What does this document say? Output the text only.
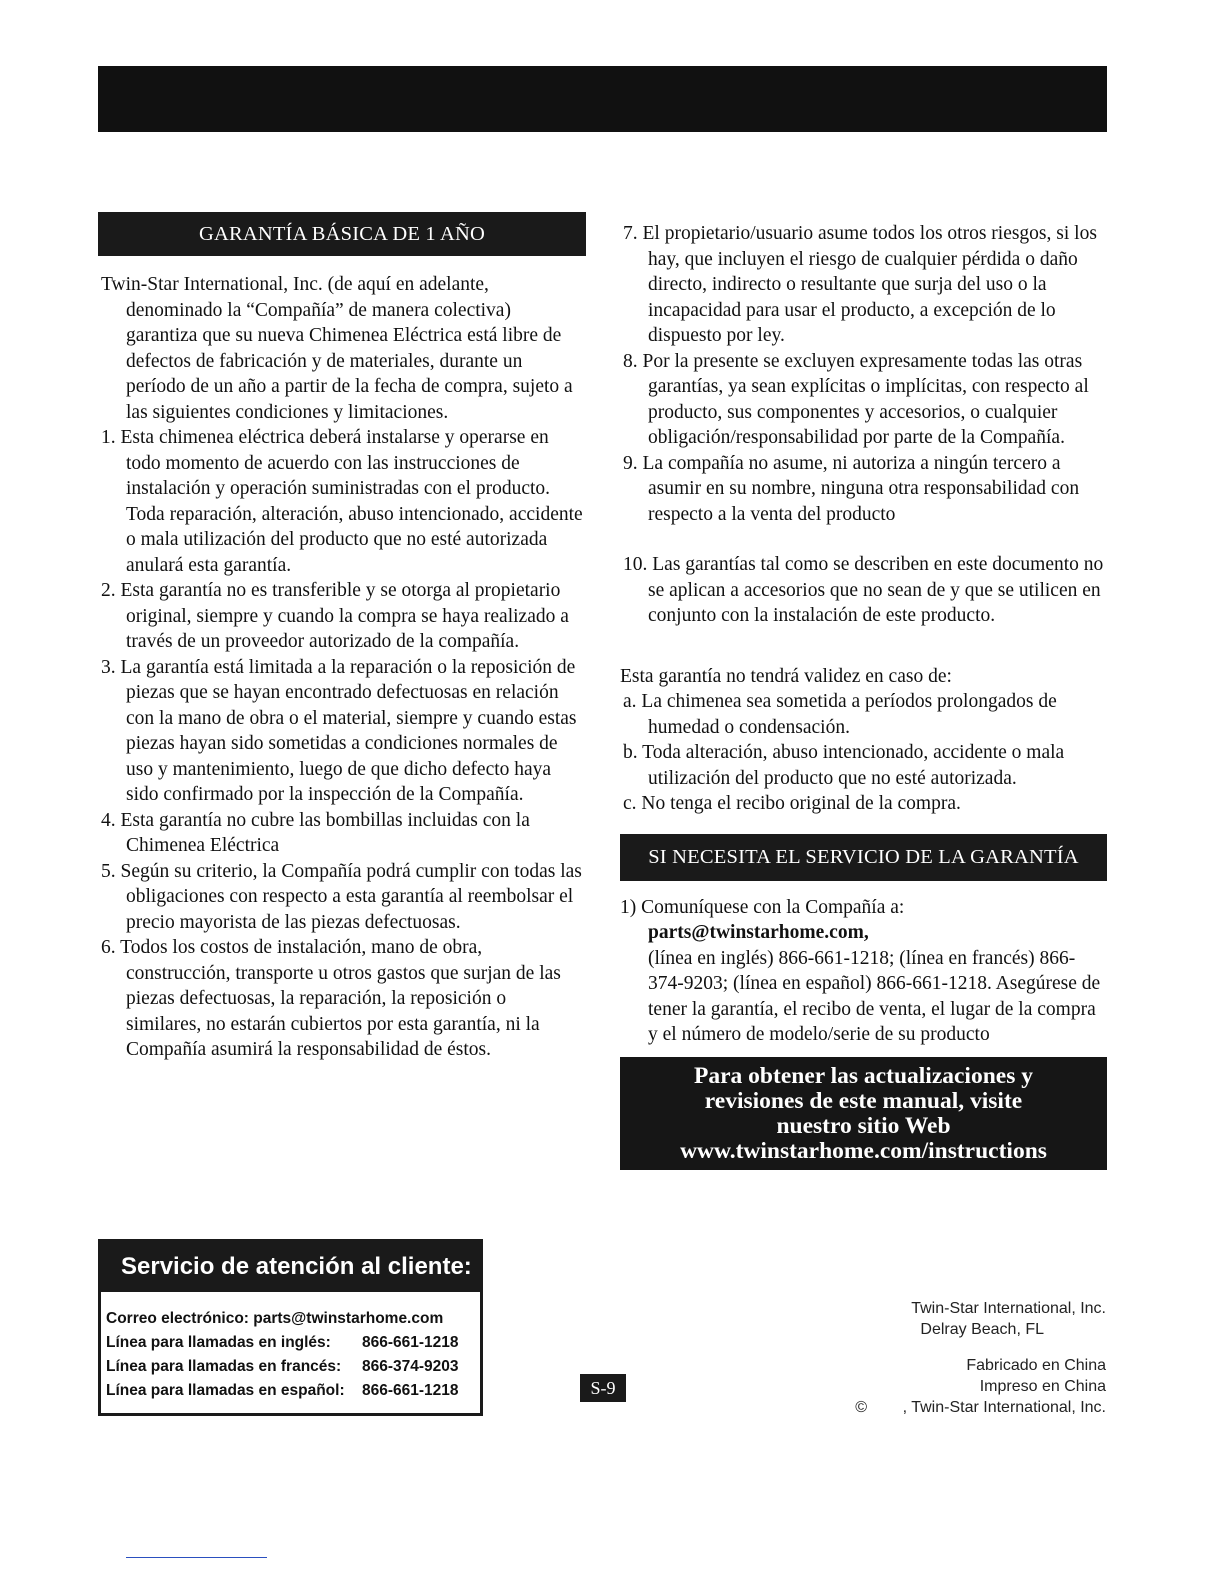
GARANTÍA BÁSICA DE 1 AÑO

Twin-Star International, Inc. (de aquí en adelante, denominado la “Compañía” de manera colectiva) garantiza que su nueva Chimenea Eléctrica está libre de defectos de fabricación y de materiales, durante un período de un año a partir de la fecha de compra, sujeto a las siguientes condiciones y limitaciones.

1. Esta chimenea eléctrica deberá instalarse y operarse en todo momento de acuerdo con las instrucciones de instalación y operación suministradas con el producto. Toda reparación, alteración, abuso intencionado, accidente o mala utilización del producto que no esté autorizada anulará esta garantía.

2. Esta garantía no es transferible y se otorga al propietario original, siempre y cuando la compra se haya realizado a través de un proveedor autorizado de la compañía.

3. La garantía está limitada a la reparación o la reposición de piezas que se hayan encontrado defectuosas en relación con la mano de obra o el material, siempre y cuando estas piezas hayan sido sometidas a condiciones normales de uso y mantenimiento, luego de que dicho defecto haya sido confirmado por la inspección de la Compañía.

4. Esta garantía no cubre las bombillas incluidas con la Chimenea Eléctrica

5. Según su criterio, la Compañía podrá cumplir con todas las obligaciones con respecto a esta garantía al reembolsar el precio mayorista de las piezas defectuosas.

6. Todos los costos de instalación, mano de obra, construcción, transporte u otros gastos que surjan de las piezas defectuosas, la reparación, la reposición o similares, no estarán cubiertos por esta garantía, ni la Compañía asumirá la responsabilidad de éstos.

7. El propietario/usuario asume todos los otros riesgos, si los hay, que incluyen el riesgo de cualquier pérdida o daño directo, indirecto o resultante que surja del uso o la incapacidad para usar el producto, a excepción de lo dispuesto por ley.

8. Por la presente se excluyen expresamente todas las otras garantías, ya sean explícitas o implícitas, con respecto al producto, sus componentes y accesorios, o cualquier obligación/responsabilidad por parte de la Compañía.

9. La compañía no asume, ni autoriza a ningún tercero a asumir en su nombre, ninguna otra responsabilidad con respecto a la venta del producto

10. Las garantías tal como se describen en este documento no se aplican a accesorios que no sean de y que se utilicen en conjunto con la instalación de este producto.

Esta garantía no tendrá validez en caso de:

a. La chimenea sea sometida a períodos prolongados de humedad o condensación.

b. Toda alteración, abuso intencionado, accidente o mala utilización del producto que no esté autorizada.

c. No tenga el recibo original de la compra.

SI NECESITA EL SERVICIO DE LA GARANTÍA

1) Comuníquese con la Compañía a:

parts@twinstarhome.com,

(línea en inglés) 866-661-1218; (línea en francés) 866-374-9203; (línea en español) 866-661-1218. Asegúrese de tener la garantía, el recibo de venta, el lugar de la compra y el número de modelo/serie de su producto

Para obtener las actualizaciones y
revisiones de este manual, visite
nuestro sitio Web
www.twinstarhome.com/instructions
Servicio de atención al cliente:
Correo electrónico: parts@twinstarhome.com
Línea para llamadas en inglés: 866-661-1218
Línea para llamadas en francés: 866-374-9203
Línea para llamadas en español: 866-661-1218	S-9
Twin-Star International, Inc.
Delray Beach, FL
Fabricado en China
Impreso en China
©        , Twin-Star International, Inc.
